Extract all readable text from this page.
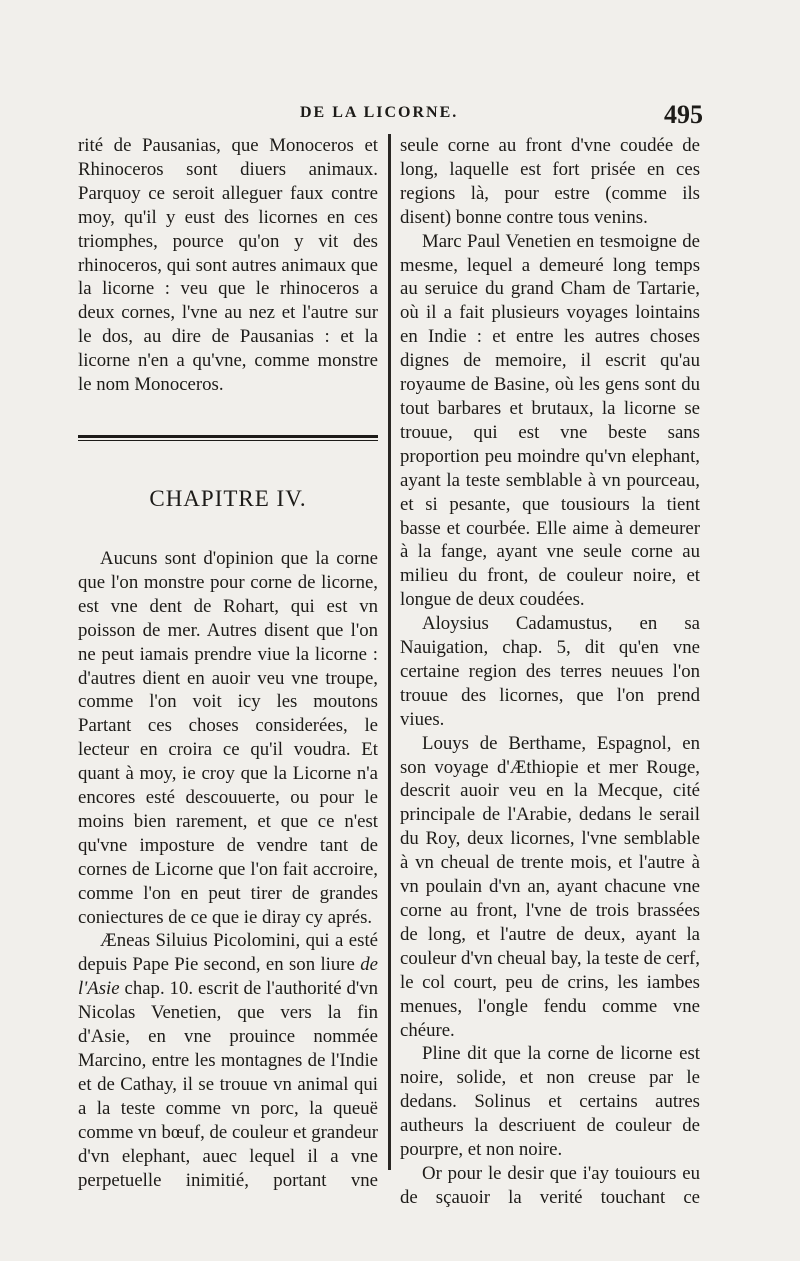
DE LA LICORNE.	495

rité de Pausanias, que Monoceros et Rhinoceros sont diuers animaux. Parquoy ce seroit alleguer faux contre moy, qu'il y eust des licornes en ces triomphes, pource qu'on y vit des rhinoceros, qui sont autres animaux que la licorne : veu que le rhinoceros a deux cornes, l'vne au nez et l'autre sur le dos, au dire de Pausanias : et la licorne n'en a qu'vne, comme monstre le nom Monoceros.

CHAPITRE IV.

Aucuns sont d'opinion que la corne que l'on monstre pour corne de licorne, est vne dent de Rohart, qui est vn poisson de mer. Autres disent que l'on ne peut iamais prendre viue la licorne : d'autres dient en auoir veu vne troupe, comme l'on voit icy les moutons Partant ces choses considerées, le lecteur en croira ce qu'il voudra. Et quant à moy, ie croy que la Licorne n'a encores esté descouuerte, ou pour le moins bien rarement, et que ce n'est qu'vne imposture de vendre tant de cornes de Licorne que l'on fait accroire, comme l'on en peut tirer de grandes coniectures de ce que ie diray cy aprés.

Æneas Siluius Picolomini, qui a esté depuis Pape Pie second, en son liure de l'Asie chap. 10. escrit de l'authorité d'vn Nicolas Venetien, que vers la fin d'Asie, en vne prouince nommée Marcino, entre les montagnes de l'Indie et de Cathay, il se trouue vn animal qui a la teste comme vn porc, la queuë comme vn bœuf, de couleur et grandeur d'vn elephant, auec lequel il a vne perpetuelle inimitié, portant vne

seule corne au front d'vne coudée de long, laquelle est fort prisée en ces regions là, pour estre (comme ils disent) bonne contre tous venins.

Marc Paul Venetien en tesmoigne de mesme, lequel a demeuré long temps au seruice du grand Cham de Tartarie, où il a fait plusieurs voyages lointains en Indie : et entre les autres choses dignes de memoire, il escrit qu'au royaume de Basine, où les gens sont du tout barbares et brutaux, la licorne se trouue, qui est vne beste sans proportion peu moindre qu'vn elephant, ayant la teste semblable à vn pourceau, et si pesante, que tousiours la tient basse et courbée. Elle aime à demeurer à la fange, ayant vne seule corne au milieu du front, de couleur noire, et longue de deux coudées.

Aloysius Cadamustus, en sa Nauigation, chap. 5, dit qu'en vne certaine region des terres neuues l'on trouue des licornes, que l'on prend viues.

Louys de Berthame, Espagnol, en son voyage d'Æthiopie et mer Rouge, descrit auoir veu en la Mecque, cité principale de l'Arabie, dedans le serail du Roy, deux licornes, l'vne semblable à vn cheual de trente mois, et l'autre à vn poulain d'vn an, ayant chacune vne corne au front, l'vne de trois brassées de long, et l'autre de deux, ayant la couleur d'vn cheual bay, la teste de cerf, le col court, peu de crins, les iambes menues, l'ongle fendu comme vne chéure.

Pline dit que la corne de licorne est noire, solide, et non creuse par le dedans. Solinus et certains autres autheurs la descriuent de couleur de pourpre, et non noire.

Or pour le desir que i'ay touiours eu de sçauoir la verité touchant ce
